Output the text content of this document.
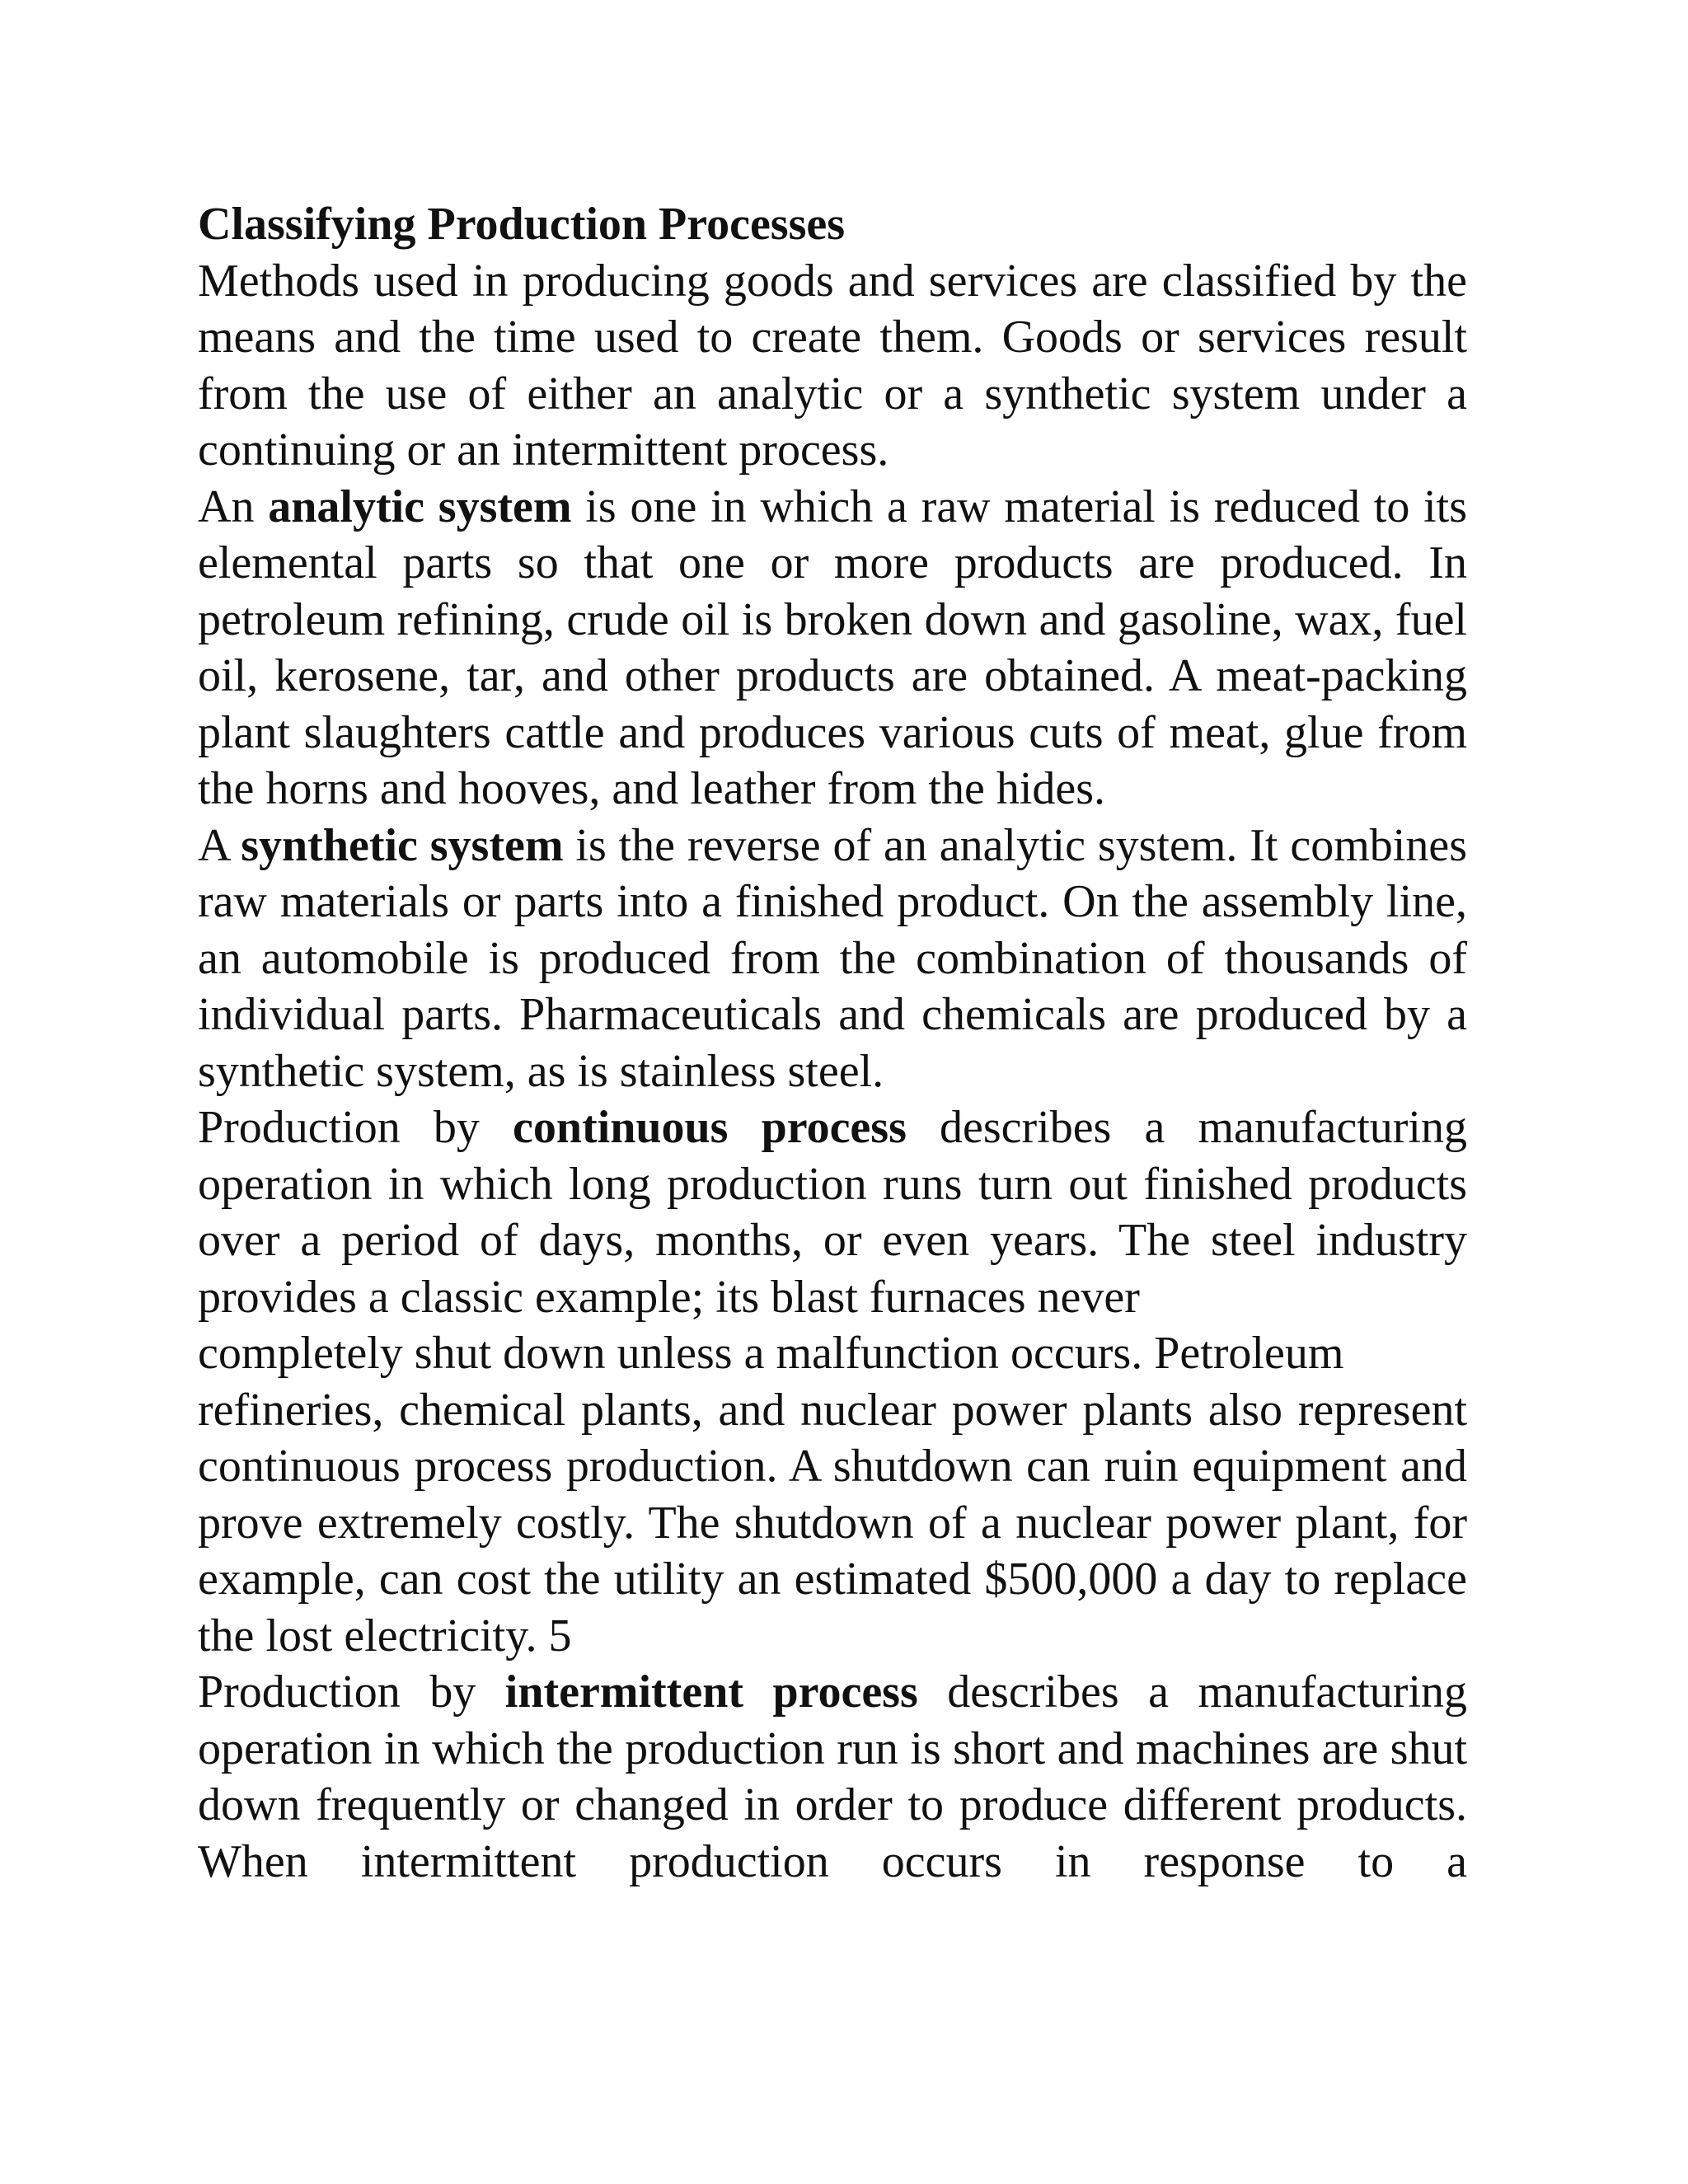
Classifying Production Processes

Methods used in producing goods and services are classified by the means and the time used to create them. Goods or services result from the use of either an analytic or a synthetic system under a continuing or an intermittent process.

An analytic system is one in which a raw material is reduced to its elemental parts so that one or more products are produced. In petroleum refining, crude oil is broken down and gasoline, wax, fuel oil, kerosene, tar, and other products are obtained. A meat-packing plant slaughters cattle and produces various cuts of meat, glue from the horns and hooves, and leather from the hides.

A synthetic system is the reverse of an analytic system. It combines raw materials or parts into a finished product. On the assembly line, an automobile is produced from the combination of thousands of individual parts. Pharmaceuticals and chemicals are produced by a synthetic system, as is stainless steel.

Production by continuous process describes a manufacturing operation in which long production runs turn out finished products over a period of days, months, or even years. The steel industry provides a classic example; its blast furnaces never
completely shut down unless a malfunction occurs. Petroleum
refineries, chemical plants, and nuclear power plants also represent continuous process production. A shutdown can ruin equipment and prove extremely costly. The shutdown of a nuclear power plant, for example, can cost the utility an estimated $500,000 a day to replace the lost electricity. 5

Production by intermittent process describes a manufacturing operation in which the production run is short and machines are shut down frequently or changed in order to produce different products. When intermittent production occurs in response to a
